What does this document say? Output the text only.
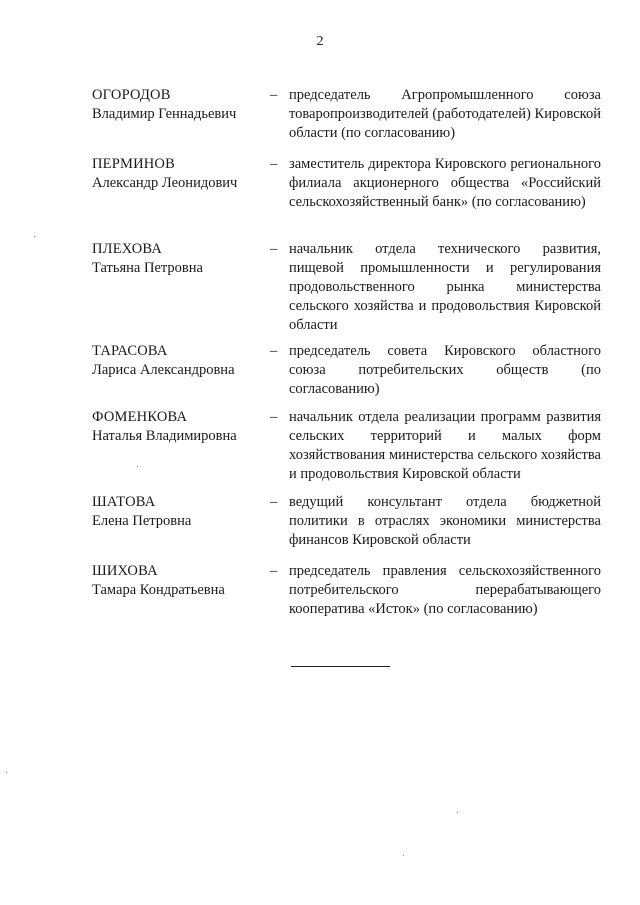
2
ОГОРОДОВ
Владимир Геннадьевич
– председатель Агропромышленного союза товаропроизводителей (работодателей) Кировской области (по согласованию)
ПЕРМИНОВ
Александр Леонидович
– заместитель директора Кировского регионального филиала акционерного общества «Российский сельскохозяйственный банк» (по согласованию)
ПЛЕХОВА
Татьяна Петровна
– начальник отдела технического развития, пищевой промышленности и регулирования продовольственного рынка министерства сельского хозяйства и продовольствия Кировской области
ТАРАСОВА
Лариса Александровна
– председатель совета Кировского областного союза потребительских обществ (по согласованию)
ФОМЕНКОВА
Наталья Владимировна
– начальник отдела реализации программ развития сельских территорий и малых форм хозяйствования министерства сельского хозяйства и продовольствия Кировской области
ШАТОВА
Елена Петровна
– ведущий консультант отдела бюджетной политики в отраслях экономики министерства финансов Кировской области
ШИХОВА
Тамара Кондратьевна
– председатель правления сельскохозяйственного потребительского перерабатывающего кооператива «Исток» (по согласованию)
